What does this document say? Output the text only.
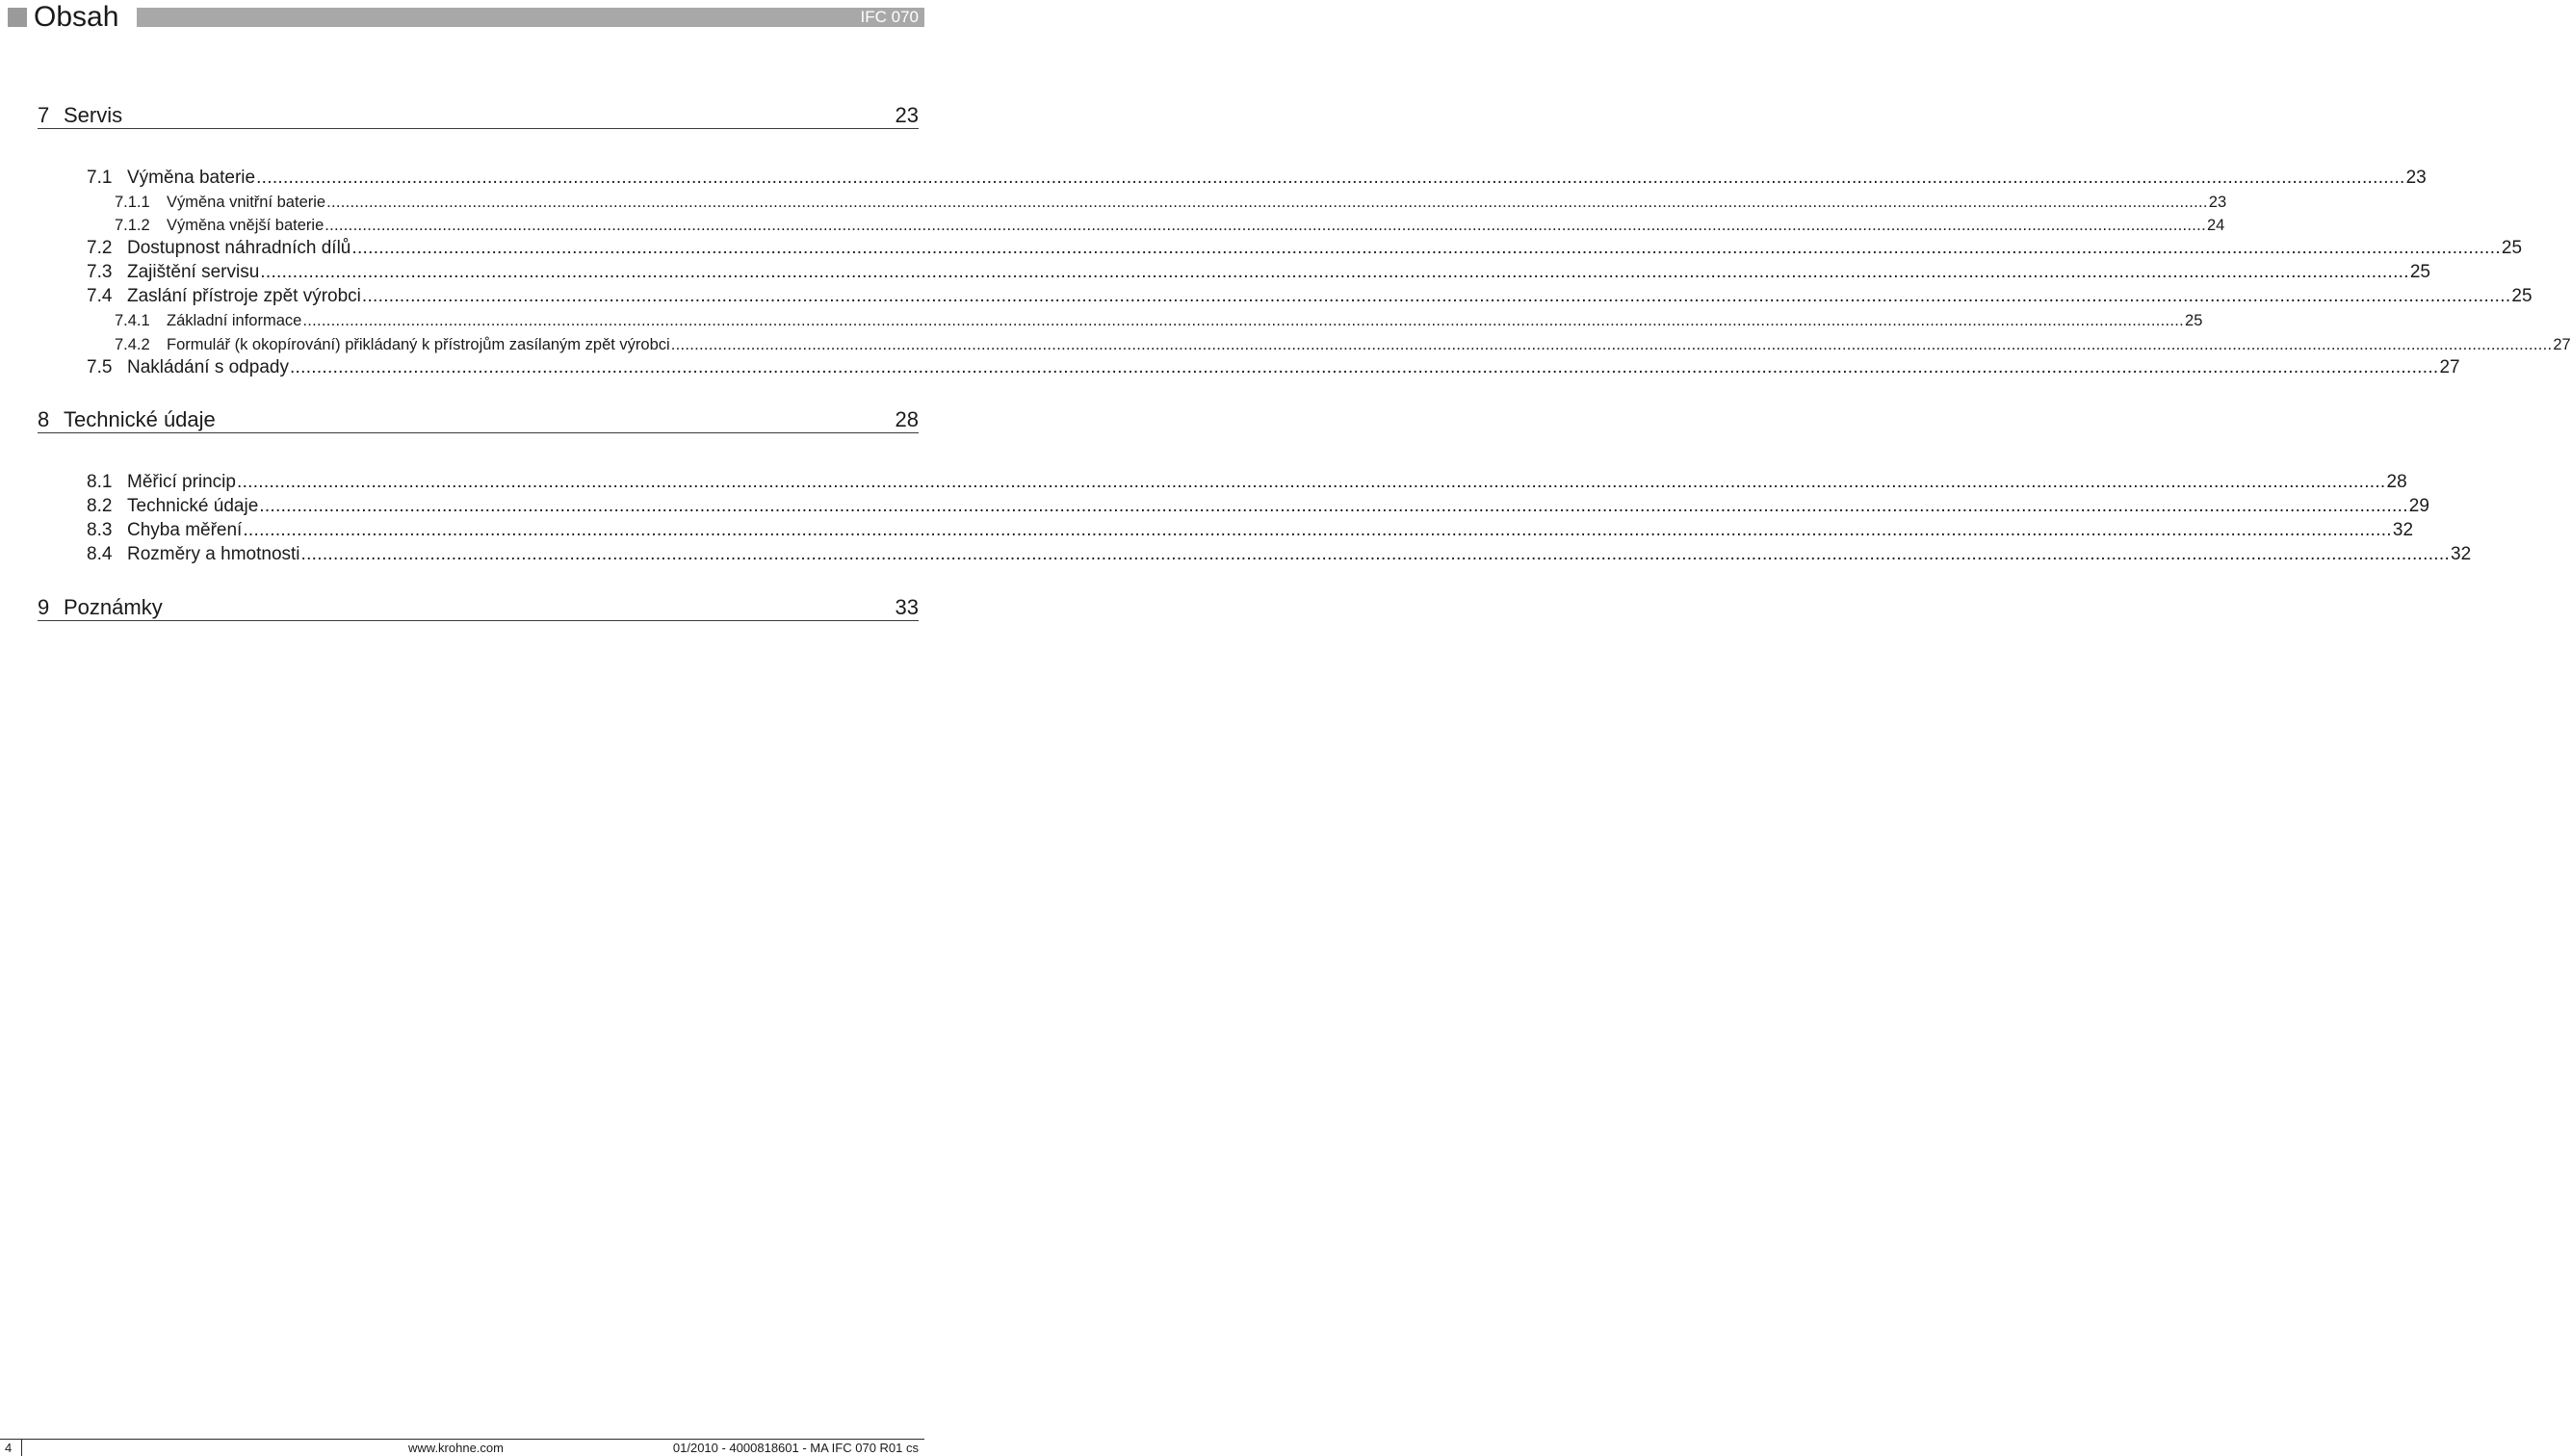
Obsah	IFC 070
7 Servis	23
7.1 Výměna baterie ................................................................................................................................................................................................................................................................................................................................................................................................................ 23
7.1.1	Výměna vnitřní baterie ................................................................................................................................................................................................................................................................................................................................................................................................................ 23
7.1.2	Výměna vnější baterie ................................................................................................................................................................................................................................................................................................................................................................................................................ 24
7.2 Dostupnost náhradních dílů ................................................................................................................................................................................................................................................................................................................................................................................................................ 25
7.3 Zajištění servisu ................................................................................................................................................................................................................................................................................................................................................................................................................ 25
7.4 Zaslání přístroje zpět výrobci ................................................................................................................................................................................................................................................................................................................................................................................................................ 25
7.4.1	Základní informace ................................................................................................................................................................................................................................................................................................................................................................................................................ 25
7.4.2	Formulář (k okopírování) přikládaný k přístrojům zasílaným zpět výrobci ................................................................................................................................................................................................................................................................................................................................................................................................................ 27
7.5 Nakládání s odpady ................................................................................................................................................................................................................................................................................................................................................................................................................ 27
8 Technické údaje	28
8.1 Měřicí princip ................................................................................................................................................................................................................................................................................................................................................................................................................ 28
8.2 Technické údaje ................................................................................................................................................................................................................................................................................................................................................................................................................ 29
8.3 Chyba měření ................................................................................................................................................................................................................................................................................................................................................................................................................ 32
8.4 Rozměry a hmotnosti ................................................................................................................................................................................................................................................................................................................................................................................................................ 32
9 Poznámky	33
4	www.krohne.com	01/2010 - 4000818601 - MA IFC 070 R01 cs
